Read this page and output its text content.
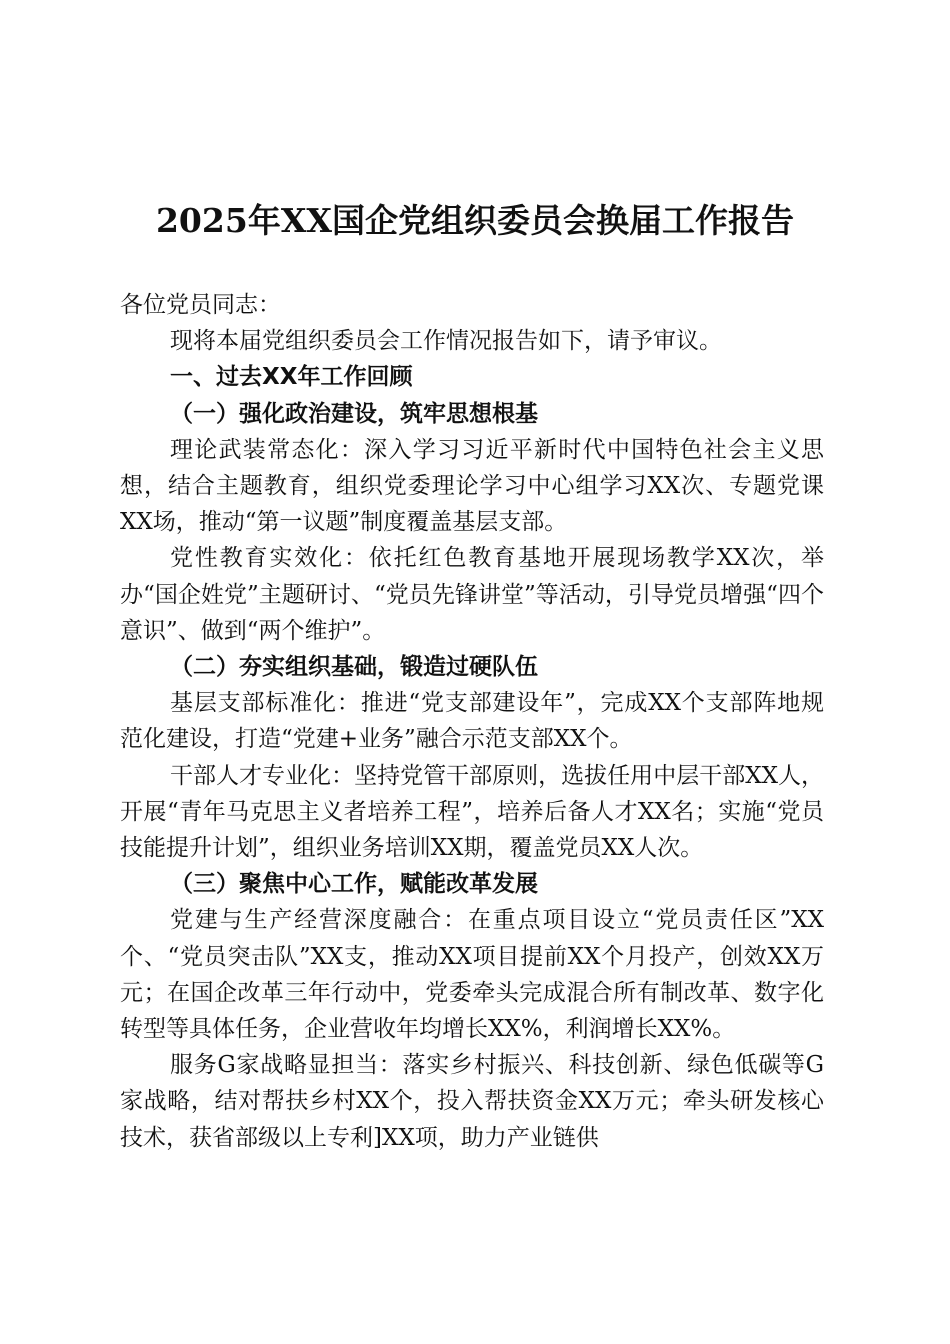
2025年XX国企党组织委员会换届工作报告

各位党员同志：

现将本届党组织委员会工作情况报告如下，请予审议。

一、过去XX年工作回顾

（一）强化政治建设，筑牢思想根基

理论武装常态化：深入学习习近平新时代中国特色社会主义思想，结合主题教育，组织党委理论学习中心组学习XX次、专题党课XX场，推动“第一议题”制度覆盖基层支部。

党性教育实效化：依托红色教育基地开展现场教学XX次，举办“国企姓党”主题研讨、“党员先锋讲堂”等活动，引导党员增强“四个意识”、做到“两个维护”。

（二）夯实组织基础，锻造过硬队伍

基层支部标准化：推进“党支部建设年”，完成XX个支部阵地规范化建设，打造“党建+业务”融合示范支部XX个。

干部人才专业化：坚持党管干部原则，选拔任用中层干部XX人，开展“青年马克思主义者培养工程”，培养后备人才XX名；实施“党员技能提升计划”，组织业务培训XX期，覆盖党员XX人次。

（三）聚焦中心工作，赋能改革发展

党建与生产经营深度融合：在重点项目设立“党员责任区”XX个、“党员突击队”XX支，推动XX项目提前XX个月投产，创效XX万元；在国企改革三年行动中，党委牵头完成混合所有制改革、数字化转型等具体任务，企业营收年均增长XX%，利润增长XX%。

服务G家战略显担当：落实乡村振兴、科技创新、绿色低碳等G家战略，结对帮扶乡村XX个，投入帮扶资金XX万元；牵头研发核心技术，获省部级以上专利]XX项，助力产业链供
